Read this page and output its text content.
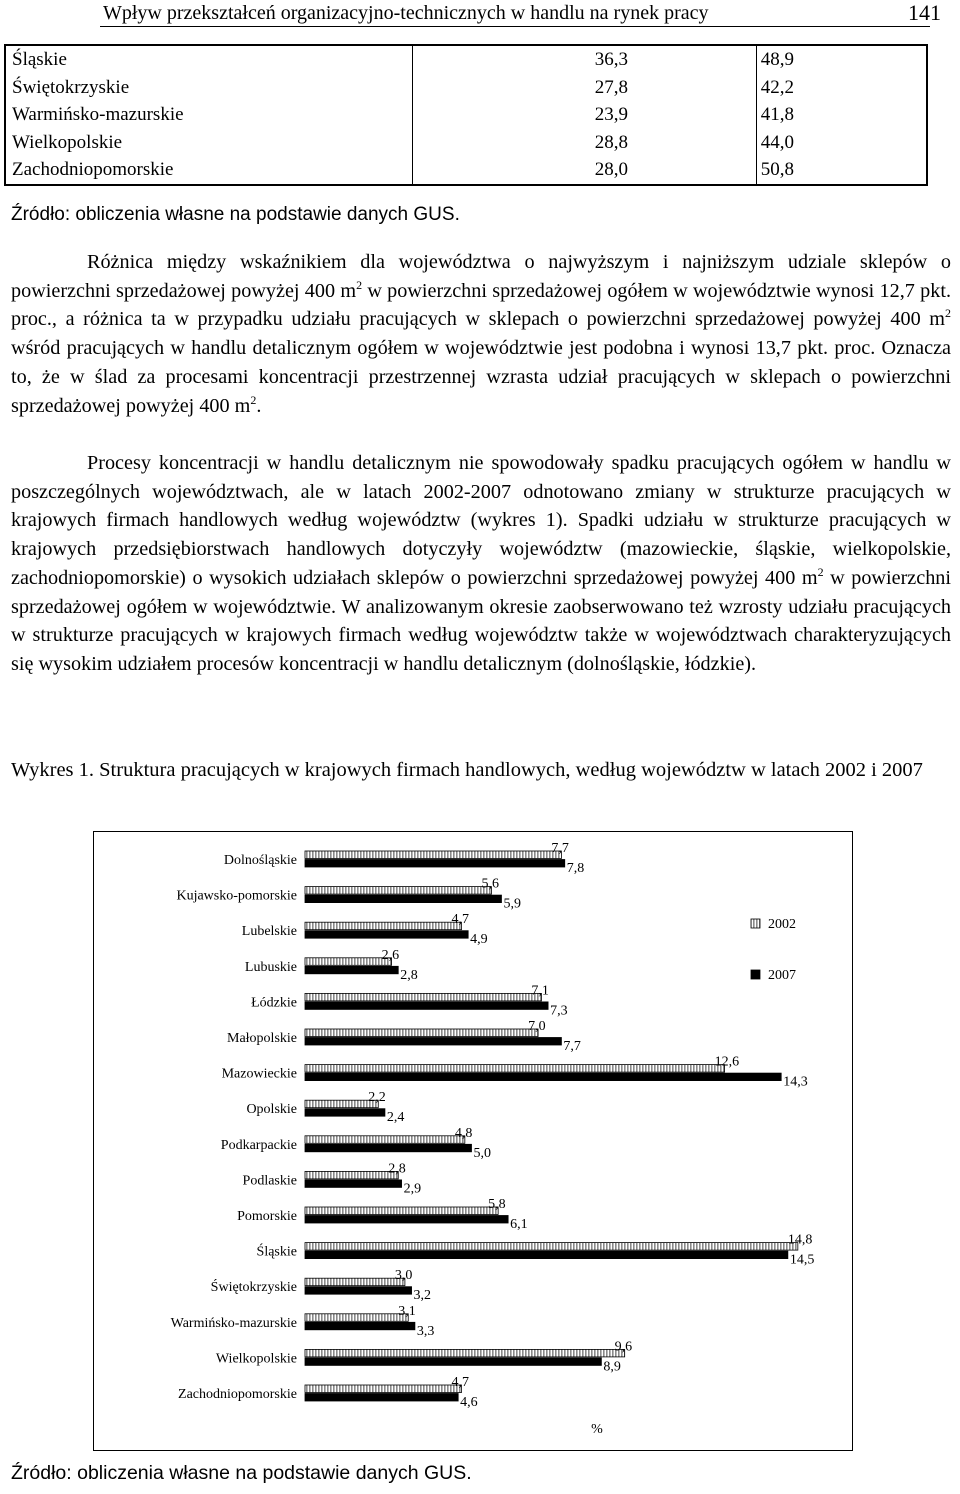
Wpływ przekształceń organizacyjno-technicznych w handlu na rynek pracy	141
Śląskie	36,3	48,9
Świętokrzyskie	27,8	42,2
Warmińsko-mazurskie	23,9	41,8
Wielkopolskie	28,8	44,0
Zachodniopomorskie	28,0	50,8
Źródło: obliczenia własne na podstawie danych GUS.
Różnica między wskaźnikiem dla województwa o najwyższym i najniższym udziale sklepów o powierzchni sprzedażowej powyżej 400 $m^2$ w powierzchni sprzedażowej ogółem w województwie wynosi 12,7 pkt. proc., a różnica ta w przypadku udziału pracujących w sklepach o powierzchni sprzedażowej powyżej 400 $m^2$ wśród pracujących w handlu detalicznym ogółem w województwie jest podobna i wynosi 13,7 pkt. proc. Oznacza to, że w ślad za procesami koncentracji przestrzennej wzrasta udział pracujących w sklepach o powierzchni sprzedażowej powyżej 400 $m^2$.
Procesy koncentracji w handlu detalicznym nie spowodowały spadku pracujących ogółem w handlu w poszczególnych województwach, ale w latach 2002-2007 odnotowano zmiany w strukturze pracujących w krajowych firmach handlowych według województw (wykres 1). Spadki udziału w strukturze pracujących w krajowych przedsiębiorstwach handlowych dotyczyły województw (mazowieckie, śląskie, wielkopolskie, zachodniopomorskie) o wysokich udziałach sklepów o powierzchni sprzedażowej powyżej 400 $m^2$ w powierzchni sprzedażowej ogółem w województwie. W analizowanym okresie zaobserwowano też wzrosty udziału pracujących w strukturze pracujących w krajowych firmach według województw także w województwach charakteryzujących się wysokim udziałem procesów koncentracji w handlu detalicznym (dolnośląskie, łódzkie).
Wykres 1. Struktura pracujących w krajowych firmach handlowych, według województw w latach 2002 i 2007
Dolnośląskie
7,7
7,8
Kujawsko-pomorskie
5,6
5,9
Lubelskie
4,7
4,9
Lubuskie
2,6
2,8
Łódzkie
7,1
7,3
Małopolskie
7,0
7,7
Mazowieckie
12,6
14,3
Opolskie
2,2
2,4
Podkarpackie
4,8
5,0
Podlaskie
2,8
2,9
Pomorskie
5,8
6,1
Śląskie
14,8
14,5
Świętokrzyskie
3,0
3,2
Warmińsko-mazurskie
3,1
3,3
Wielkopolskie
9,6
8,9
Zachodniopomorskie
4,7
4,6
2002
2007
%
Źródło: obliczenia własne na podstawie danych GUS.
